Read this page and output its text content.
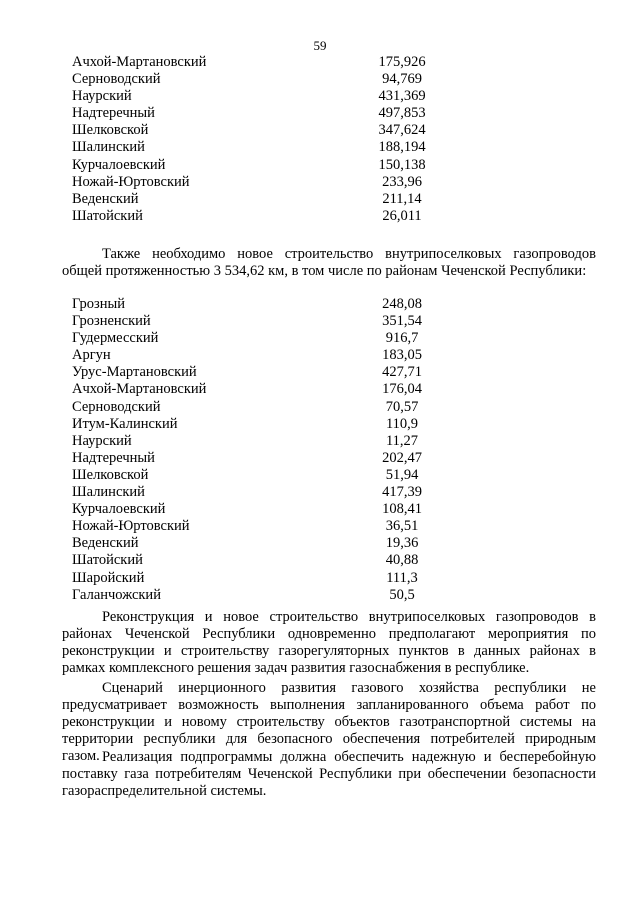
59
Ачхой-Мартановский	175,926
Серноводский	94,769
Наурский	431,369
Надтеречный	497,853
Шелковской	347,624
Шалинский	188,194
Курчалоевский	150,138
Ножай-Юртовский	233,96
Веденский	211,14
Шатойский	26,011
Также необходимо новое строительство внутрипоселковых газопроводов общей протяженностью 3 534,62 км, в том числе по районам Чеченской Республики:
Грозный	248,08
Грозненский	351,54
Гудермесский	916,7
Аргун	183,05
Урус-Мартановский	427,71
Ачхой-Мартановский	176,04
Серноводский	70,57
Итум-Калинский	110,9
Наурский	11,27
Надтеречный	202,47
Шелковской	51,94
Шалинский	417,39
Курчалоевский	108,41
Ножай-Юртовский	36,51
Веденский	19,36
Шатойский	40,88
Шаройский	111,3
Галанчожский	50,5
Реконструкция и новое строительство внутрипоселковых газопроводов в районах Чеченской Республики одновременно предполагают мероприятия по реконструкции и строительству газорегуляторных пунктов в данных районах в рамках комплексного решения задач развития газоснабжения в республике.
Сценарий инерционного развития газового хозяйства республики не предусматривает возможность выполнения запланированного объема работ по реконструкции и новому строительству объектов газотранспортной системы на территории республики для безопасного обеспечения потребителей природным газом. Реализация подпрограммы должна обеспечить надежную и бесперебойную поставку газа потребителям Чеченской Республики при обеспечении безопасности газораспределительной системы.
